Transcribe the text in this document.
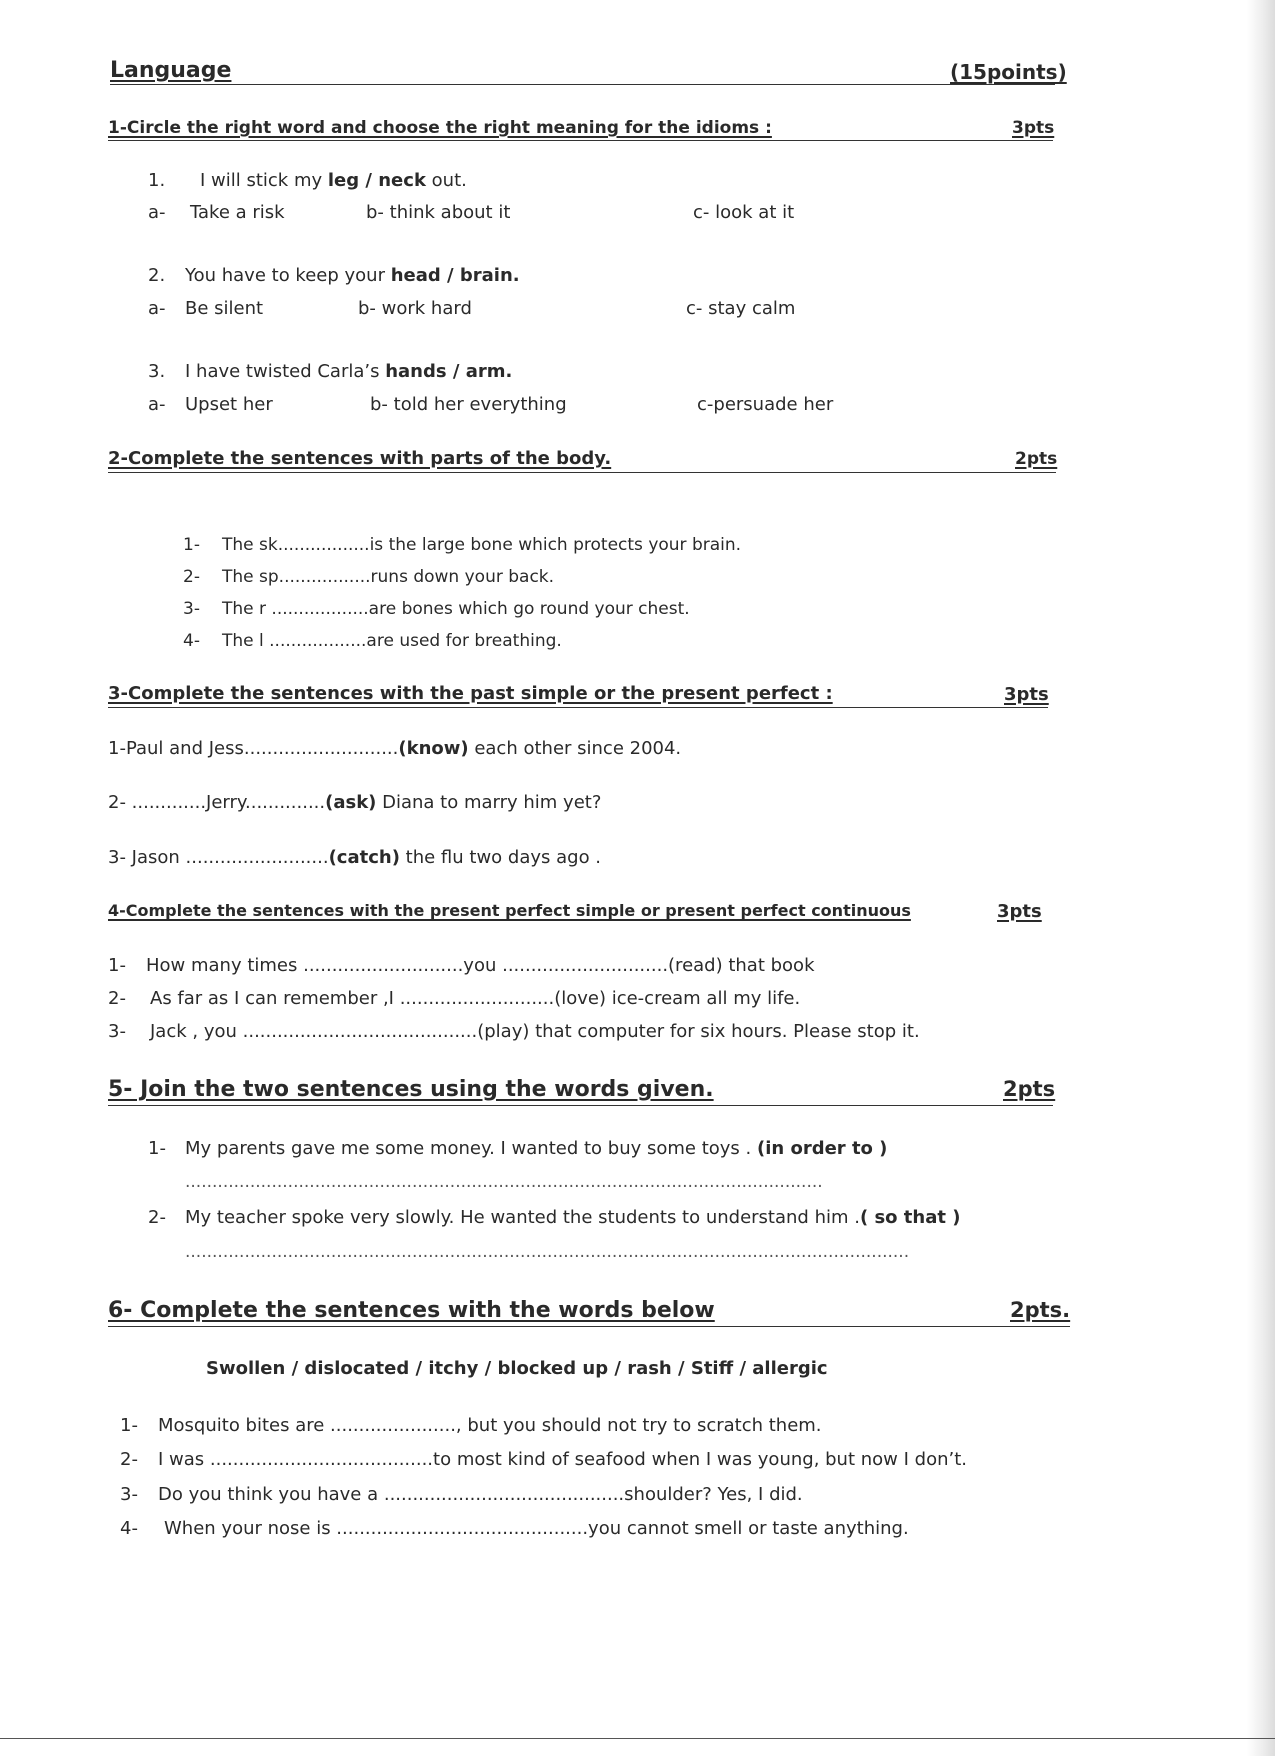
Language	(15points)
1-Circle the right word and choose the right meaning for the idioms :	3pts
1. I will stick my leg / neck out.
a- Take a risk	b- think about it	c- look at it
2. You have to keep your head / brain.
a- Be silent	b- work hard	c- stay calm
3. I have twisted Carla’s hands / arm.
a- Upset her	b- told her everything	c-persuade her
2-Complete the sentences with parts of the body.	2pts
1- The sk.................is the large bone which protects your brain.
2- The sp.................runs down your back.
3- The r ..................are bones which go round your chest.
4- The l ..................are used for breathing.
3-Complete the sentences with the past simple or the present perfect :	3pts
1-Paul and Jess...........................(know) each other since 2004.
2- .............Jerry..............(ask) Diana to marry him yet?
3- Jason .........................(catch) the flu two days ago .
4-Complete the sentences with the present perfect simple or present perfect continuous	3pts
1- How many times ............................you .............................(read) that book
2- As far as I can remember ,I ...........................(love) ice-cream all my life.
3- Jack , you .........................................(play) that computer for six hours. Please stop it.
5- Join the two sentences using the words given.	2pts
1- My parents gave me some money. I wanted to buy some toys . (in order to )
......................................................................................................................
2- My teacher spoke very slowly. He wanted the students to understand him .( so that )
......................................................................................................................................
6- Complete the sentences with the words below	2pts.
Swollen / dislocated / itchy / blocked up / rash / Stiff / allergic
1- Mosquito bites are ......................, but you should not try to scratch them.
2- I was .......................................to most kind of seafood when I was young, but now I don’t.
3- Do you think you have a ..........................................shoulder? Yes, I did.
4- When your nose is ............................................you cannot smell or taste anything.
